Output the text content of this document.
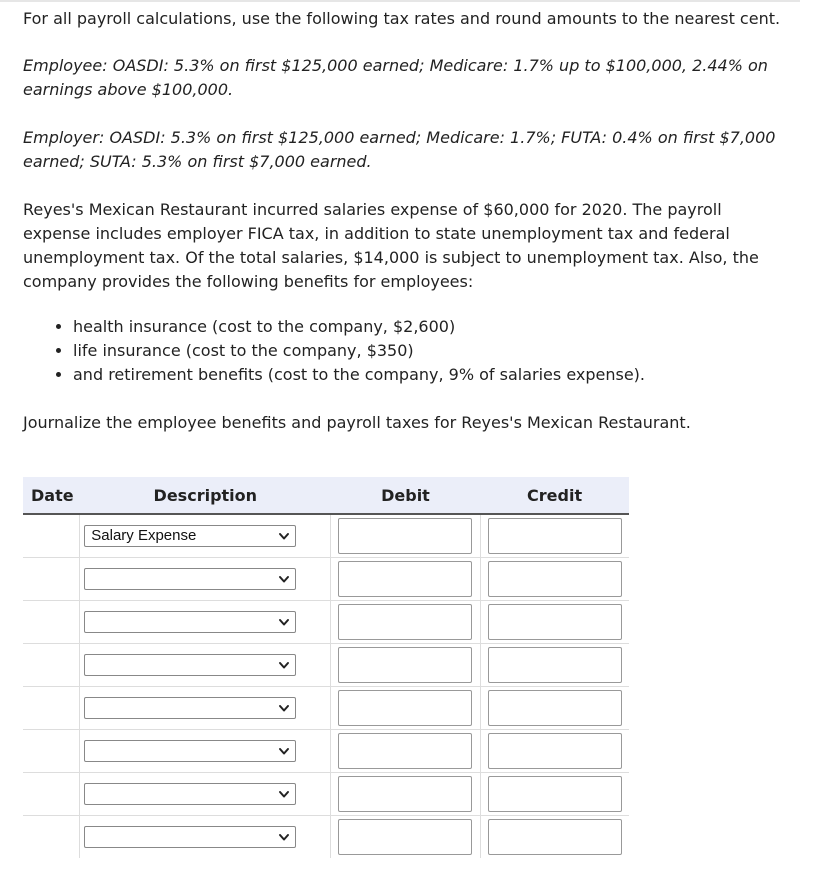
For all payroll calculations, use the following tax rates and round amounts to the nearest cent.

Employee: OASDI: 5.3% on first $125,000 earned; Medicare: 1.7% up to $100,000, 2.44% on earnings above $100,000.

Employer: OASDI: 5.3% on first $125,000 earned; Medicare: 1.7%; FUTA: 0.4% on first $7,000 earned; SUTA: 5.3% on first $7,000 earned.

Reyes's Mexican Restaurant incurred salaries expense of $60,000 for 2020. The payroll expense includes employer FICA tax, in addition to state unemployment tax and federal unemployment tax. Of the total salaries, $14,000 is subject to unemployment tax. Also, the company provides the following benefits for employees:

• health insurance (cost to the company, $2,600)
• life insurance (cost to the company, $350)
• and retirement benefits (cost to the company, 9% of salaries expense).

Journalize the employee benefits and payroll taxes for Reyes's Mexican Restaurant.

Date	Description	Debit	Credit

	Salary Expense		
